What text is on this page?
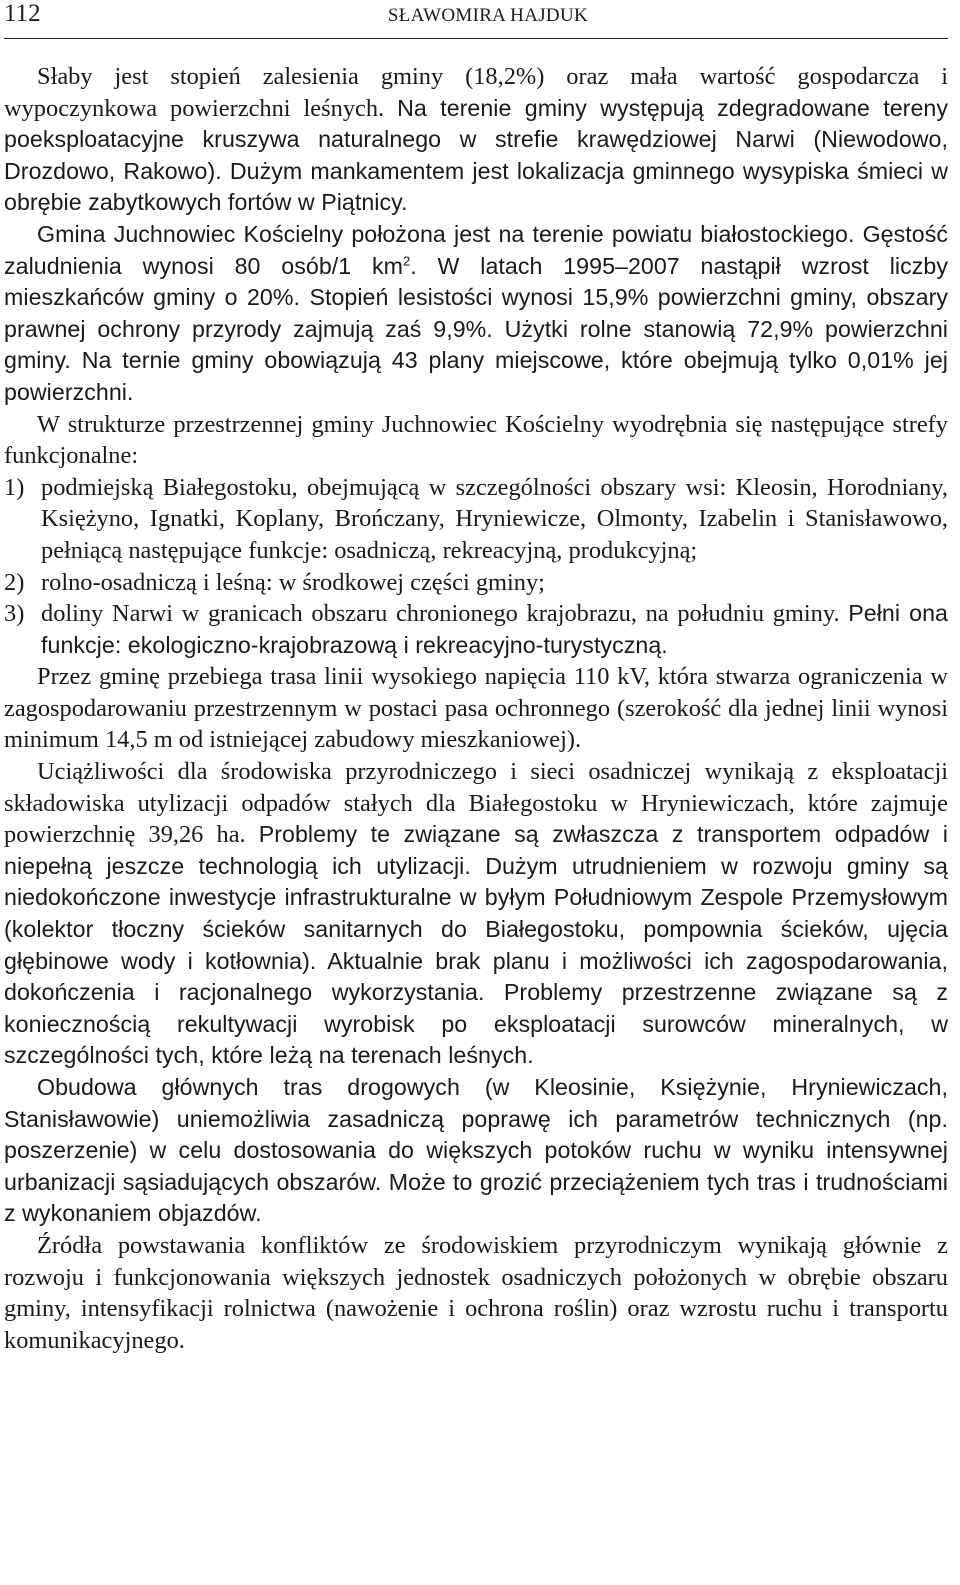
112	SŁAWOMIRA HAJDUK

Słaby jest stopień zalesienia gminy (18,2%) oraz mała wartość gospodarcza i wypoczynkowa powierzchni leśnych. Na terenie gminy występują zdegradowane tereny poeksploatacyjne kruszywa naturalnego w strefie krawędziowej Narwi (Niewodowo, Drozdowo, Rakowo). Dużym mankamentem jest lokalizacja gminnego wysypiska śmieci w obrębie zabytkowych fortów w Piątnicy.

Gmina Juchnowiec Kościelny położona jest na terenie powiatu białostockiego. Gęstość zaludnienia wynosi 80 osób/1 $km^2$. W latach 1995–2007 nastąpił wzrost liczby mieszkańców gminy o 20%. Stopień lesistości wynosi 15,9% powierzchni gminy, obszary prawnej ochrony przyrody zajmują zaś 9,9%. Użytki rolne stanowią 72,9% powierzchni gminy. Na ternie gminy obowiązują 43 plany miejscowe, które obejmują tylko 0,01% jej powierzchni.

W strukturze przestrzennej gminy Juchnowiec Kościelny wyodrębnia się następujące strefy funkcjonalne:

1) podmiejską Białegostoku, obejmującą w szczególności obszary wsi: Kleosin, Horodniany, Księżyno, Ignatki, Koplany, Brończany, Hryniewicze, Olmonty, Izabelin i Stanisławowo, pełniącą następujące funkcje: osadniczą, rekreacyjną, produkcyjną;
2) rolno-osadniczą i leśną: w środkowej części gminy;
3) doliny Narwi w granicach obszaru chronionego krajobrazu, na południu gminy. Pełni ona funkcje: ekologiczno-krajobrazową i rekreacyjno-turystyczną.

Przez gminę przebiega trasa linii wysokiego napięcia 110 kV, która stwarza ograniczenia w zagospodarowaniu przestrzennym w postaci pasa ochronnego (szerokość dla jednej linii wynosi minimum 14,5 m od istniejącej zabudowy mieszkaniowej).

Uciążliwości dla środowiska przyrodniczego i sieci osadniczej wynikają z eksploatacji składowiska utylizacji odpadów stałych dla Białegostoku w Hryniewiczach, które zajmuje powierzchnię 39,26 ha. Problemy te związane są zwłaszcza z transportem odpadów i niepełną jeszcze technologią ich utylizacji. Dużym utrudnieniem w rozwoju gminy są niedokończone inwestycje infrastrukturalne w byłym Południowym Zespole Przemysłowym (kolektor tłoczny ścieków sanitarnych do Białegostoku, pompownia ścieków, ujęcia głębinowe wody i kotłownia). Aktualnie brak planu i możliwości ich zagospodarowania, dokończenia i racjonalnego wykorzystania. Problemy przestrzenne związane są z koniecznością rekultywacji wyrobisk po eksploatacji surowców mineralnych, w szczególności tych, które leżą na terenach leśnych.

Obudowa głównych tras drogowych (w Kleosinie, Księżynie, Hryniewiczach, Stanisławowie) uniemożliwia zasadniczą poprawę ich parametrów technicznych (np. poszerzenie) w celu dostosowania do większych potoków ruchu w wyniku intensywnej urbanizacji sąsiadujących obszarów. Może to grozić przeciążeniem tych tras i trudnościami z wykonaniem objazdów.

Źródła powstawania konfliktów ze środowiskiem przyrodniczym wynikają głównie z rozwoju i funkcjonowania większych jednostek osadniczych położonych w obrębie obszaru gminy, intensyfikacji rolnictwa (nawożenie i ochrona roślin) oraz wzrostu ruchu i transportu komunikacyjnego.
